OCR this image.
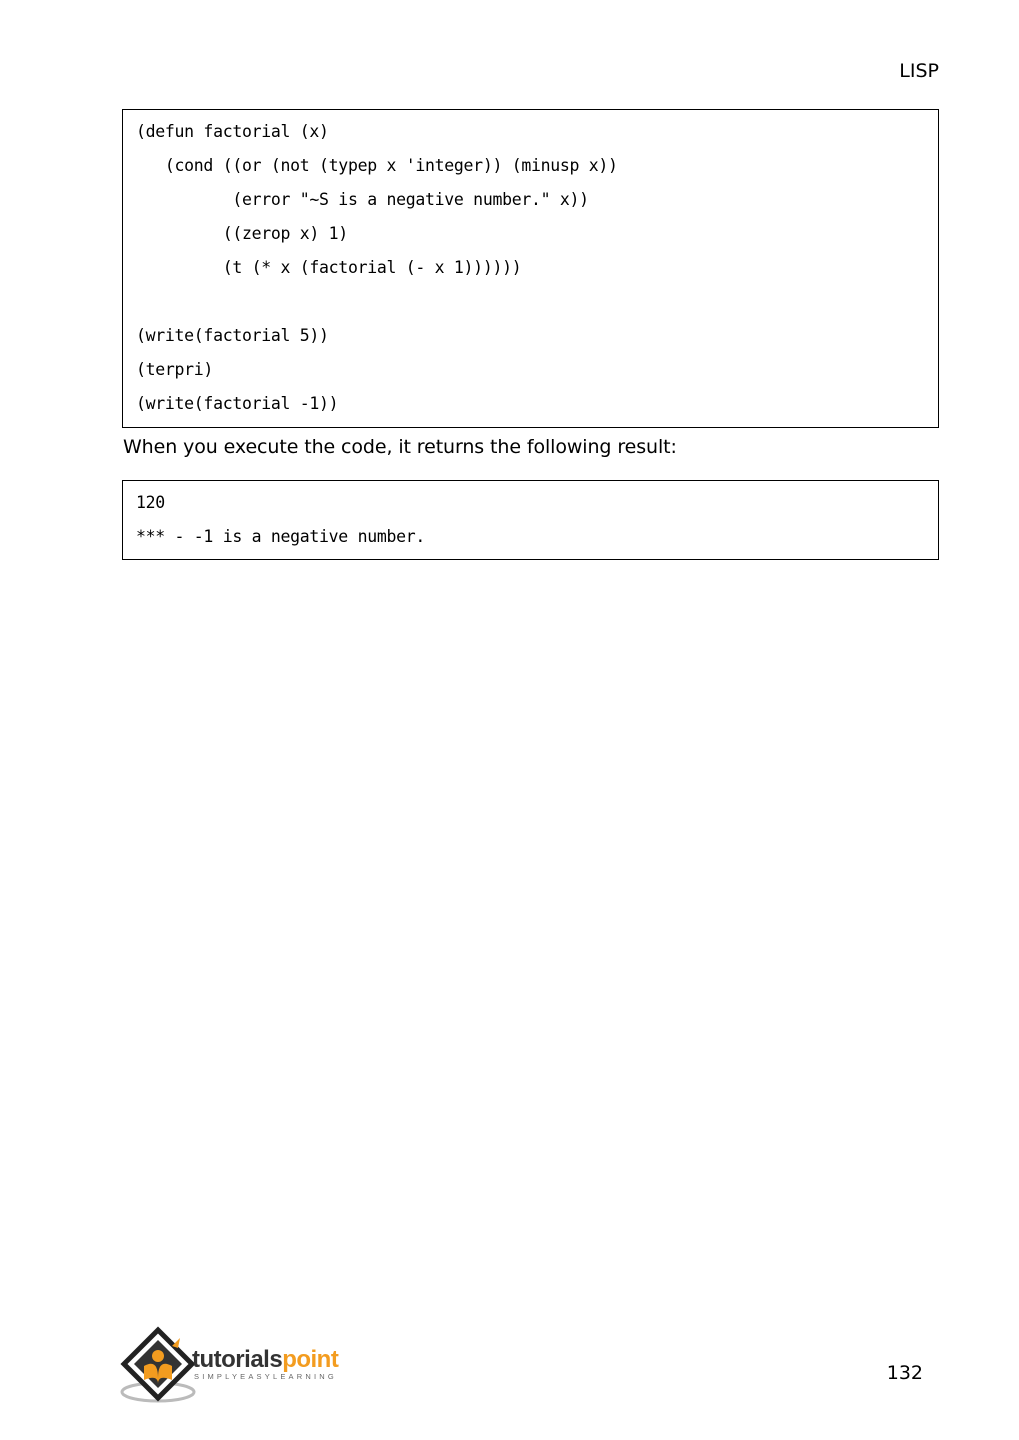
LISP
(defun factorial (x)
(cond ((or (not (typep x 'integer)) (minusp x))
(error "~S is a negative number." x))
((zerop x) 1)
(t (* x (factorial (- x 1))))))
(write(factorial 5))
(terpri)
(write(factorial -1))
When you execute the code, it returns the following result:
120
*** - -1 is a negative number.
tutorialspoint
SIMPLYEASYLEARNING	132
